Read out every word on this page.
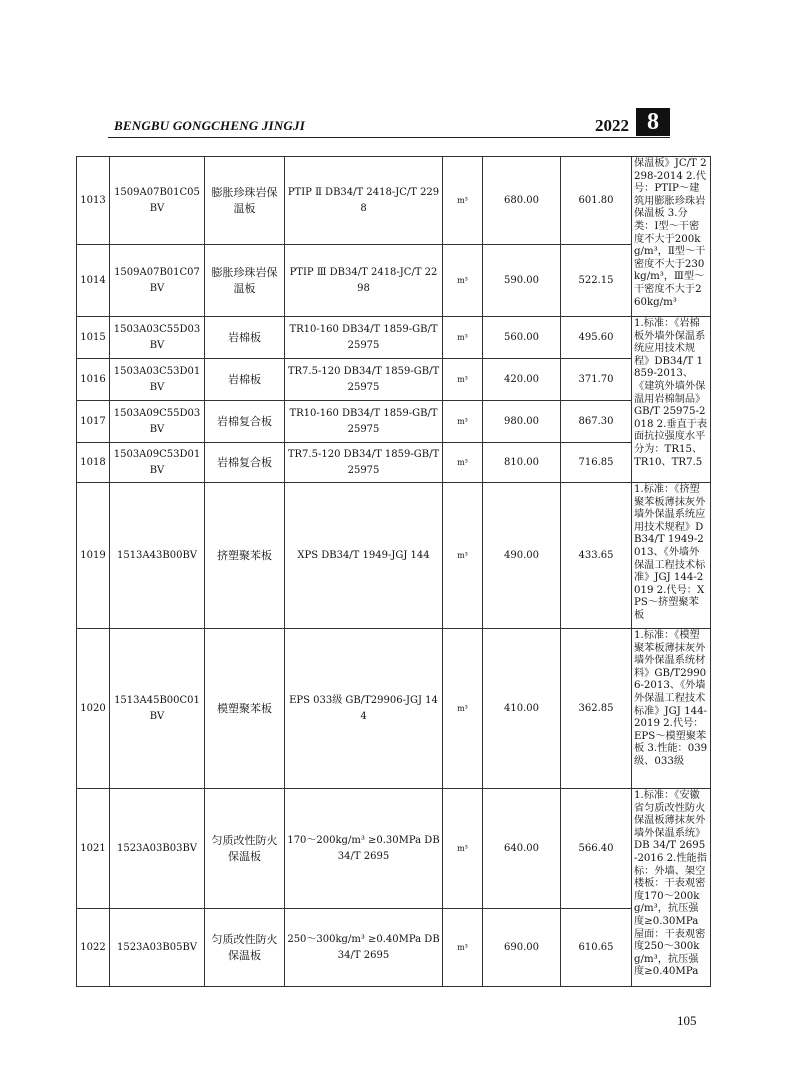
BENGBU GONGCHENG JINGJI	2022 8
1013	1509A07B01C05BV	膨胀珍珠岩保温板	PTIP Ⅱ DB34/T 2418-JC/T 2298	m³	680.00	601.80	保温板》JC/T 2298-2014 2.代号：PTIP～建筑用膨胀珍珠岩保温板 3.分类：Ⅰ型～干密度不大于200kg/m³，Ⅱ型～干密度不大于230kg/m³，Ⅲ型～干密度不大于260kg/m³
1014	1509A07B01C07BV	膨胀珍珠岩保温板	PTIP Ⅲ DB34/T 2418-JC/T 2298	m³	590.00	522.15	
1015	1503A03C55D03BV	岩棉板	TR10-160 DB34/T 1859-GB/T 25975	m³	560.00	495.60	1.标准：《岩棉板外墙外保温系统应用技术规程》DB34/T 1859-2013、《建筑外墙外保温用岩棉制品》GB/T 25975-2018 2.垂直于表面抗拉强度水平分为：TR15、TR10、TR7.5
1016	1503A03C53D01BV	岩棉板	TR7.5-120 DB34/T 1859-GB/T 25975	m³	420.00	371.70	
1017	1503A09C55D03BV	岩棉复合板	TR10-160 DB34/T 1859-GB/T 25975	m³	980.00	867.30	
1018	1503A09C53D01BV	岩棉复合板	TR7.5-120 DB34/T 1859-GB/T 25975	m³	810.00	716.85	
1019	1513A43B00BV	挤塑聚苯板	XPS DB34/T 1949-JGJ 144	m³	490.00	433.65	1.标准：《挤塑聚苯板薄抹灰外墙外保温系统应用技术规程》DB34/T 1949-2013、《外墙外保温工程技术标准》JGJ 144-2019 2.代号：XPS～挤塑聚苯板
1020	1513A45B00C01BV	模塑聚苯板	EPS 033级 GB/T29906-JGJ 144	m³	410.00	362.85	1.标准：《模塑聚苯板薄抹灰外墙外保温系统材料》GB/T29906-2013、《外墙外保温工程技术标准》JGJ 144-2019 2.代号：EPS～模塑聚苯板 3.性能：039级、033级
1021	1523A03B03BV	匀质改性防火保温板	170～200kg/m³ ≥0.30MPa DB 34/T 2695	m³	640.00	566.40	1.标准：《安徽省匀质改性防火保温板薄抹灰外墙外保温系统》DB 34/T 2695-2016 2.性能指标：外墙、架空楼板：干表观密度170～200kg/m³，抗压强度≥0.30MPa 屋面：干表观密度250～300kg/m³，抗压强度≥0.40MPa
1022	1523A03B05BV	匀质改性防火保温板	250～300kg/m³ ≥0.40MPa DB 34/T 2695	m³	690.00	610.65	
105
